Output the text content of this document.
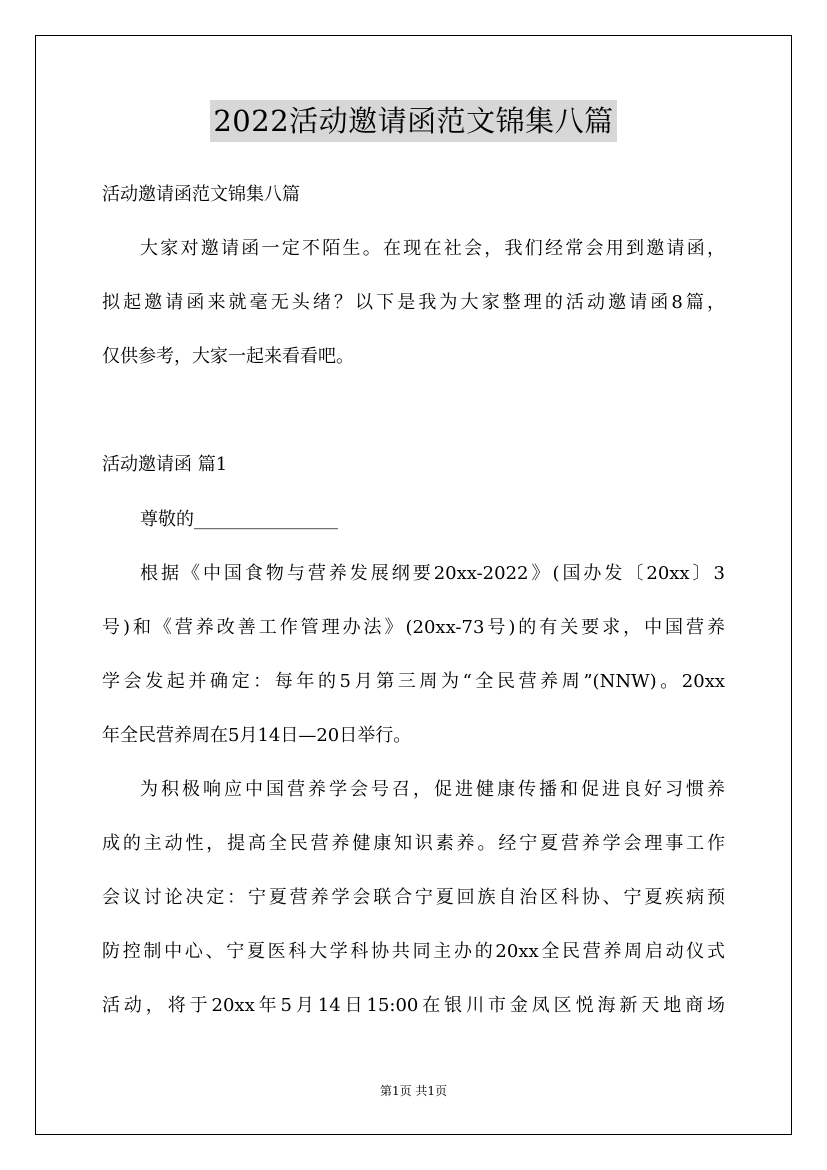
2022活动邀请函范文锦集八篇
活动邀请函范文锦集八篇
大家对邀请函一定不陌生。在现在社会，我们经常会用到邀请函，
拟起邀请函来就毫无头绪？以下是我为大家整理的活动邀请函8篇，
仅供参考，大家一起来看看吧。
活动邀请函 篇1
尊敬的________________
根据《中国食物与营养发展纲要20xx-2022》(国办发〔20xx〕3
号)和《营养改善工作管理办法》(20xx-73号)的有关要求，中国营养
学会发起并确定：每年的5月第三周为“全民营养周”(NNW)。20xx
年全民营养周在5月14日—20日举行。
为积极响应中国营养学会号召，促进健康传播和促进良好习惯养
成的主动性，提高全民营养健康知识素养。经宁夏营养学会理事工作
会议讨论决定：宁夏营养学会联合宁夏回族自治区科协、宁夏疾病预
防控制中心、宁夏医科大学科协共同主办的20xx全民营养周启动仪式
活动，将于20xx年5月14日15:00在银川市金凤区悦海新天地商场
第1页 共1页
